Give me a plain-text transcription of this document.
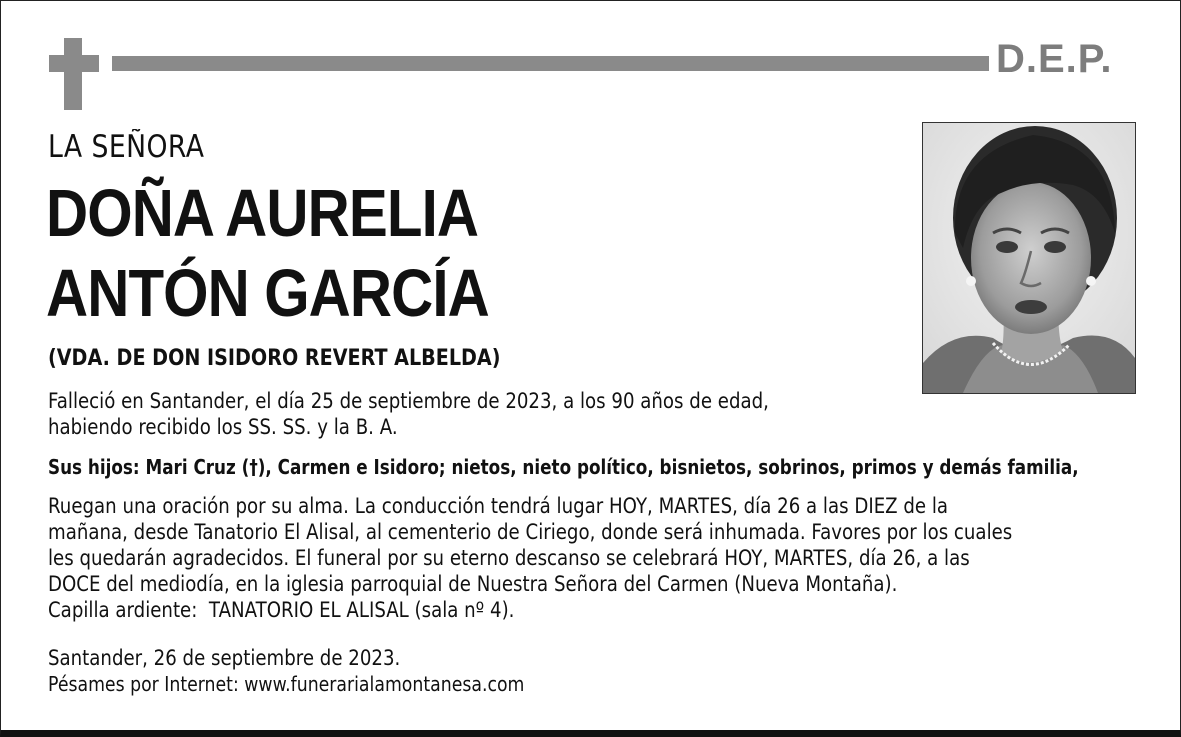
D.E.P.
LA SEÑORA
DOÑA AURELIA
ANTÓN GARCÍA
(VDA. DE DON ISIDORO REVERT ALBELDA)
Falleció en Santander, el día 25 de septiembre de 2023, a los 90 años de edad,
habiendo recibido los SS. SS. y la B. A.
Sus hijos: Mari Cruz (†), Carmen e Isidoro; nietos, nieto político, bisnietos, sobrinos, primos y demás familia,
Ruegan una oración por su alma. La conducción tendrá lugar HOY, MARTES, día 26 a las DIEZ de la
mañana, desde Tanatorio El Alisal, al cementerio de Ciriego, donde será inhumada. Favores por los cuales
les quedarán agradecidos. El funeral por su eterno descanso se celebrará HOY, MARTES, día 26, a las
DOCE del mediodía, en la iglesia parroquial de Nuestra Señora del Carmen (Nueva Montaña).
Capilla ardiente:  TANATORIO EL ALISAL (sala nº 4).
Santander, 26 de septiembre de 2023.
Pésames por Internet: www.funerarialamontanesa.com
